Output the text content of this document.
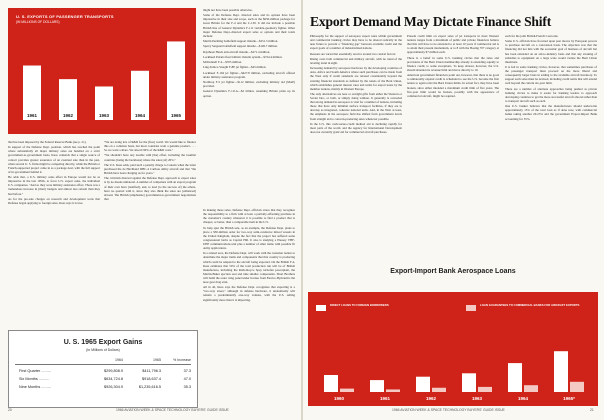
1961	1962	1963	1964	1965
U. S. EXPORTS OF PASSENGER TRANSPORTS
(IN MILLIONS OF DOLLARS)

that has been imposed by the Federal Reserve Bank (see p. 21).

In support of the Defense Dept. position, which has reached the point where substantially all major military sales are handled on a strict government-to-government basis, Kuss contends that a single source of contact provides greater assurance of an eventual sale than in the past, when several U. S. firms might be competing directly, while the British or French-supported project came in as a package deal, with the full support of its government behind it.

He adds that, a U.S. military sales effort in Europe would not be as impressive in the late 1950s, to force U.S. export sales, the individual U.S. companies. "And so they were military assistance effort. There was a tremendous increase in [their] budgets and almost less reform than they had before."

As for the pre-sale charges on research and development work that Defense began applying to foreign sales, Kuss says it is true.

"We are doing lots of R&D for the [free] world. We would like to finance this on a common basis, but most countries want a genuine product. . . . So we want a share. We absorb 90% of the R&D costs."

"We shouldn't have any trouble with [the] effort, including the Gaullist countries [being the backbone] where the sales [of] 20%."

The U.S. Kuss adds, paid such a penalty charge to Canada when the latter purchased the de Havilland DHC-4 Caribou utility aircraft and that "the British have been charging us for years."

The criticism directed against the Defense Dept. approach to export sales is by no means unilateral. A number of companies with an export program of their own have [testified], and, to lead [to the success of] the others, have no quarrel with it, since they also think the sales are [enhanced] abroad. The British [emphasize] government-to-government negotiations that

might not have been possible otherwise.

Some of the Defense Dept. directed sales and its options have been impressive in their size and scope, such as the $650-million package for Great Britain for the F-4 and the C-130. It did not include a possible British line of General Dynamics F-111 variable-geometry fighter. Other major Defense Dept.-directed export sales or options and their totals include:

Martin Pershing battlefield support missile—$251.5 million.

Sperry Sergeant battlefield support missile—$149.7 million.

Raytheon Hawk anti-aircraft missile—$271.4 million.

Lockheed Polaris fleet ballistic missile system—$724.4 million.

McDonnell F-4—$705 million.

Ling-Temco-Vought F-8E jet fighter—$45 million.

Lockheed F-104 jet fighter—$427.8 million, excluding aircraft offered under military assistance program.

Northrop F-5 jet fighter—$112 million, excluding military aid (MAP) provided.

General Dynamics F-111A—$2 billion, assuming Britain picks up its option.

In making these sales, Defense Dept. officials stress that they recognize the responsibility to a firm with at least a partially-offsetting purchase in the customer's country whenever it is possible to find a product that is cheaper, or better, than a comparable item in the U.S.

To help spur the British sale, as an example, the Defense Dept. plans to place a $50-million order for two-way semi-conductor mixed vessels in the United Kingdom, despite the fact that the project has suffered some congressional barbs as Capitol Hill. It also is studying a Plessey VHF-UHF communications unit plus a number of other items with possible fit Army applications.

In a related area, the Defense Dept. will work with the customer nation to determine the major items and components that that country is producing which could be adapted to the aircraft being exported. On the British F-4, Kuss estimates that 50% of the total production run will be of British manufacture, including the Rolls-Royce Spey turbofan powerplant, the Martin-Baker ejection seat and nine smaller components. Short Brothers will build the outer wing panel under license from Electro-Hydraulics the nose gear drag strut.

All in all, Kuss says the Defense Dept. recognizes that exporting is a "two-way street," although in defense hardware, it undoubtedly will remain a predominantly one-way venture, with the U.S. selling significantly more than it is importing.

U. S. 1965 Export Gains
(In Millions of Dollars)
1964	1965	% Increase
First Quarter .........	$299,808.9	$411,796.3	37.3
Six Months ..........	$634,724.8	$918,637.4	47.0
Nine Months .........	$926,304.9	$1,235,616.5	35.3
20	1966 AVIATION WEEK & SPACE TECHNOLOGY BUYERS' GUIDE ISSUE
Export Demand May Dictate Finance Shift

Philosophy for the support of aerospace export sales within government and commercial banking circles may have to be altered radically in the near future to prevent a "financing gap" between available credit and the export goals of a number of industrialized nations.

Reasons are varied but essentially revolve around two central factors:

Rising costs both commercial and military aircraft, with no trend of the leveling trend in sight.

Increasing demand by aerospace hardware by the developing countries of Asia, Africa and South America where such purchases can be made from the West only if credit standards are relaxed considerably beyond the existing financial standards as defined by the tenets of the Bern Union, which establishes general interest rates and terms for export loans by the member nations, mainly in Western Europe.

The only alternatives are near or outright gifts from either the Western or Soviet bloc, or both, or simply doing without. It generally is conceded that strong demand in aerospace is vital for a number of nations, including those that have only minimal surface transport facilities, if they are to develop as integrated, cohesive national units. And, in the West at least, the emphasis in the aerospace field has shifted from government levels from straight aid to concern-producing sales whenever possible.

In the U.S. this cash-versus-credit method aid is declining rapidly for most parts of the world, and the Agency for International Development does not currently grant aid for commercial aircraft purchases.

Present credit limit on export sales of jet transports in most Western nations ranges from a maximum of public and private financiers believe that this will have to be extended to at least 10 years if commercial aid is to attain their present momentum, or to 8 with the Boeing 707 category at approximately $7 million each.

There is a belief in some U.S. banking circles that the rules and provisions of the Bern Union membership already is extending equally to finance credit, to some exceptions. To keep abreast, however, the U.S. should abandon its revenue limit and move directly to 10.

American government financiers point out, however, that there is no good to unilaterally expand credit is scheduled to see the U.S. become the first nation to again relax the Bern Union limits. In actual fact, they have been broken, since either intended a maximum credit limit of five years. The five-year limit would be broken, possibly with the appearance of commercial aircraft, might be required.

each for the joint British-French Concorde.

Some U.S. officials have frowned upon past moves by European powers to purchase aircraft on a concession basis. The objection was that the financing did not mix with the economic goal of business of aircraft but has been extended on an aid-to-industry basis and that any stroking of subsidies to equipment on a large scale would violate the Bern Union intentions.

It is felt in some banking circles, however, that sometimes purchases of the passenger transport must proceed on the more liberal and consequently larger basis in adding to the available aircraft inventory. To support such sales must be devised, including credit terms that will extend well beyond the current six-year limit.

There are a number of alternate approaches being pushed as private banking circles to make it easier for banking leaders to approach developing countries to get the more successful aircraft abroad rather than to transport aircraft such as each.

One U.S. banker believes that the manufacturers should underwrite approximately 15% of the total loan as if done now, with commercial banks taking another 20-25% and the government Export-Import Bank accounting for 55%.

Export-Import Bank Aerospace Loans
1960	1961	1962	1963	1964	1965*
DIRECT LOANS TO FOREIGN BORROWERS	LOAN GUARANTEES TO COMMERCIAL BANKS FOR AIRCRAFT EXPORTS
1966 AVIATION WEEK & SPACE TECHNOLOGY BUYERS' GUIDE ISSUE	21
